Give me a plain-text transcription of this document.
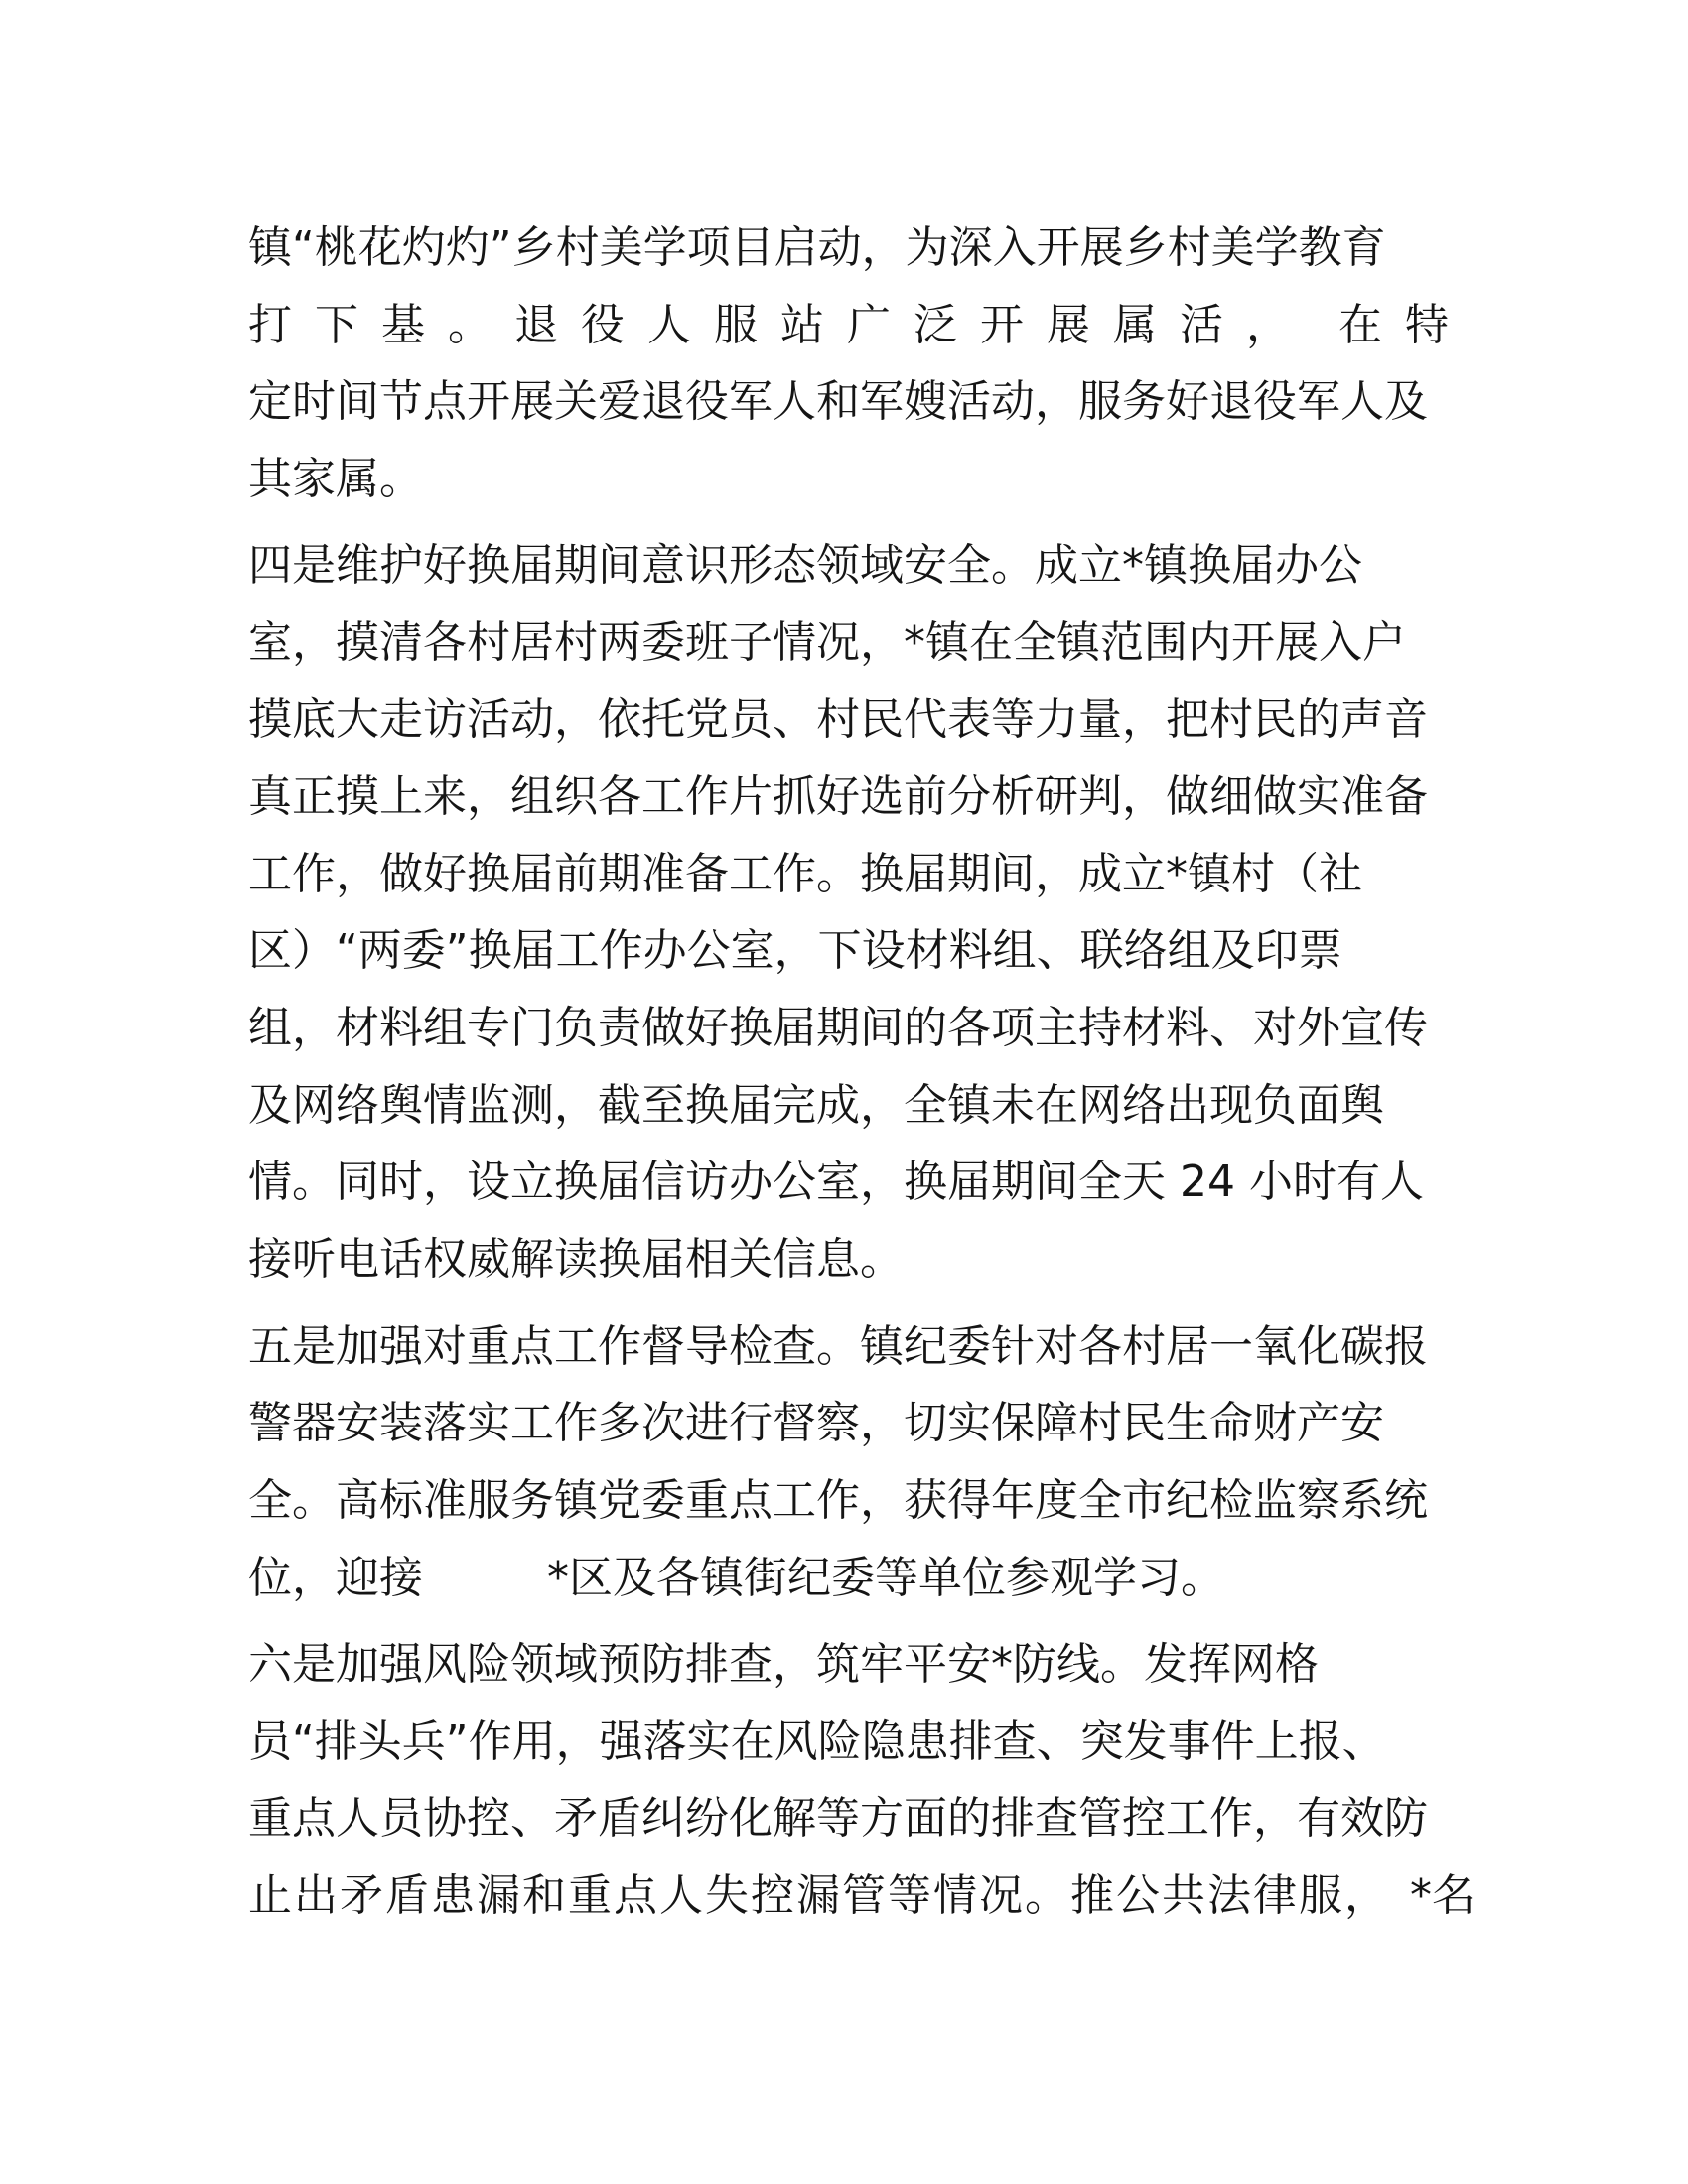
镇“桃花灼灼”乡村美学项目启动，为深入开展乡村美学教育
打下基。退役人服站广泛开展属活， 在特
定时间节点开展关爱退役军人和军嫂活动，服务好退役军人及
其家属。
四是维护好换届期间意识形态领域安全。成立*镇换届办公
室，摸清各村居村两委班子情况，*镇在全镇范围内开展入户
摸底大走访活动，依托党员、村民代表等力量，把村民的声音
真正摸上来，组织各工作片抓好选前分析研判，做细做实准备
工作，做好换届前期准备工作。换届期间，成立*镇村（社
区）“两委”换届工作办公室，下设材料组、联络组及印票
组，材料组专门负责做好换届期间的各项主持材料、对外宣传
及网络舆情监测，截至换届完成，全镇未在网络出现负面舆
情。同时，设立换届信访办公室，换届期间全天 24 小时有人
接听电话权威解读换届相关信息。
五是加强对重点工作督导检查。镇纪委针对各村居一氧化碳报
警器安装落实工作多次进行督察，切实保障村民生命财产安
全。高标准服务镇党委重点工作，获得年度全市纪检监察系统
位，迎接	*区及各镇街纪委等单位参观学习。
六是加强风险领域预防排查，筑牢平安*防线。发挥网格
员“排头兵”作用，强落实在风险隐患排查、突发事件上报、
重点人员协控、矛盾纠纷化解等方面的排查管控工作，有效防
止出矛盾患漏和重点人失控漏管等情况。推公共法律服， *名
